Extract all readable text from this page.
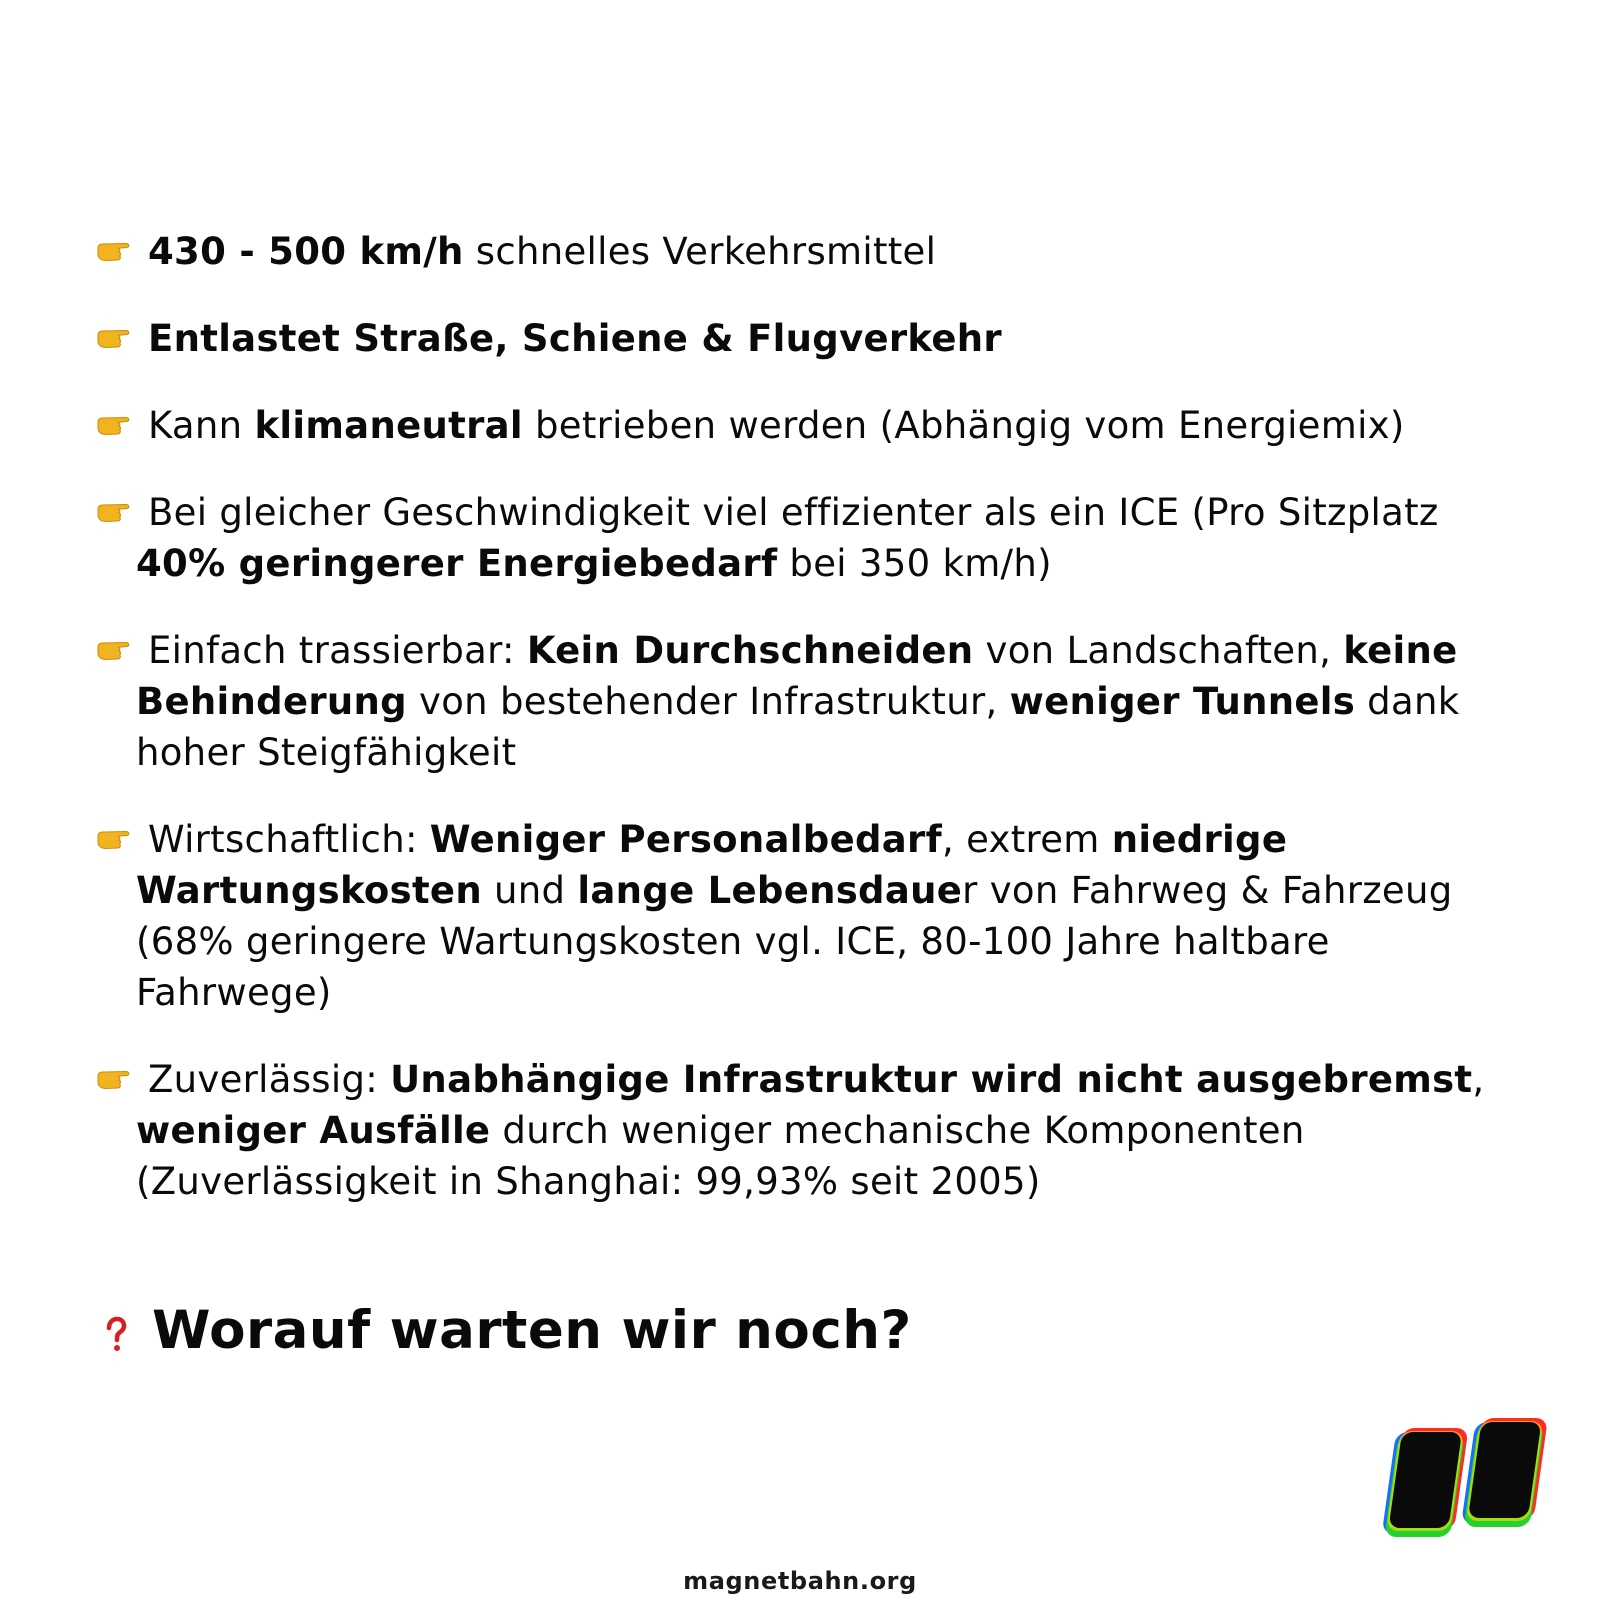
430 - 500 km/h schnelles Verkehrsmittel
Entlastet Straße, Schiene & Flugverkehr
Kann klimaneutral betrieben werden (Abhängig vom Energiemix)
Bei gleicher Geschwindigkeit viel effizienter als ein ICE (Pro Sitzplatz 40% geringerer Energiebedarf bei 350 km/h)
Einfach trassierbar: Kein Durchschneiden von Landschaften, keine Behinderung von bestehender Infrastruktur, weniger Tunnels dank hoher Steigfähigkeit
Wirtschaftlich: Weniger Personalbedarf, extrem niedrige Wartungskosten und lange Lebensdauer von Fahrweg & Fahrzeug (68% geringere Wartungskosten vgl. ICE, 80-100 Jahre haltbare Fahrwege)
Zuverlässig: Unabhängige Infrastruktur wird nicht ausgebremst, weniger Ausfälle durch weniger mechanische Komponenten (Zuverlässigkeit in Shanghai: 99,93% seit 2005)
Worauf warten wir noch?
magnetbahn.org
